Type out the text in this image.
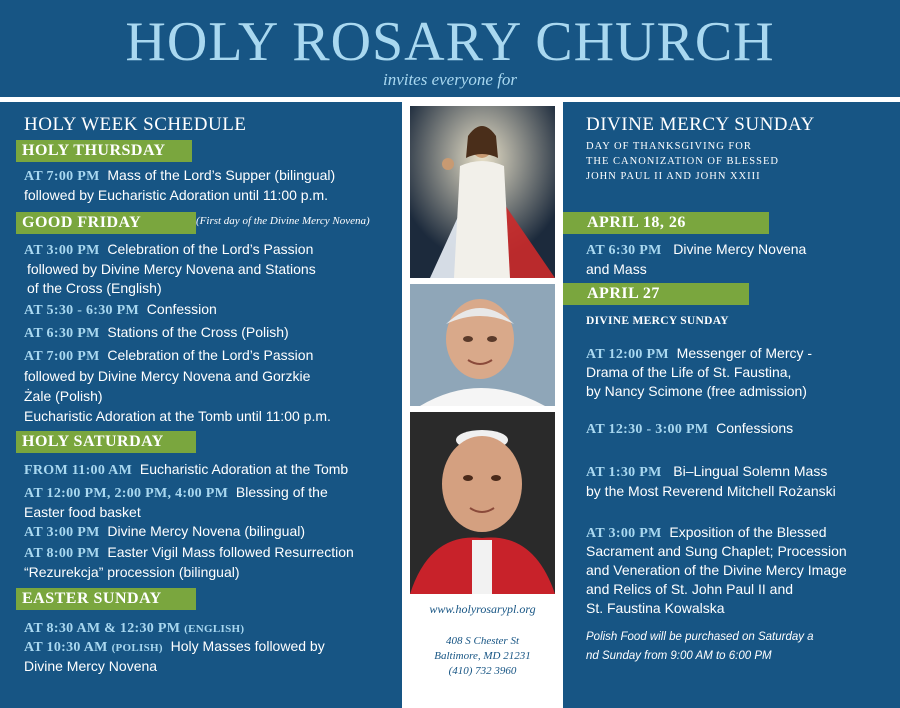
HOLY ROSARY CHURCH
invites everyone for
HOLY WEEK SCHEDULE
HOLY THURSDAY
AT 7:00 PM Mass of the Lord’s Supper (bilingual)
followed by Eucharistic Adoration until 11:00 p.m.
GOOD FRIDAY	(First day of the Divine Mercy Novena)
AT 3:00 PM Celebration of the Lord’s Passion
followed by Divine Mercy Novena and Stations
of the Cross (English)
AT 5:30 - 6:30 PM Confession
AT 6:30 PM Stations of the Cross (Polish)
AT 7:00 PM Celebration of the Lord’s Passion
followed by Divine Mercy Novena and Gorzkie
Żale (Polish)
Eucharistic Adoration at the Tomb until 11:00 p.m.
HOLY SATURDAY
FROM 11:00 AM Eucharistic Adoration at the Tomb
AT 12:00 PM, 2:00 PM, 4:00 PM Blessing of the
Easter food basket
AT 3:00 PM Divine Mercy Novena (bilingual)
AT 8:00 PM Easter Vigil Mass followed Resurrection
“Rezurekcja” procession (bilingual)
EASTER SUNDAY
AT 8:30 AM & 12:30 PM (ENGLISH)
AT 10:30 AM (POLISH) Holy Masses followed by
Divine Mercy Novena
www.holyrosarypl.org
408 S Chester St
Baltimore, MD 21231
(410) 732 3960
DIVINE MERCY SUNDAY
DAY OF THANKSGIVING FOR
THE CANONIZATION OF BLESSED
JOHN PAUL II AND JOHN XXIII
APRIL 18, 26
AT 6:30 PM Divine Mercy Novena
and Mass
APRIL 27
DIVINE MERCY SUNDAY
AT 12:00 PM Messenger of Mercy -
Drama of the Life of St. Faustina,
by Nancy Scimone (free admission)
AT 12:30 - 3:00 PM Confessions
AT 1:30 PM Bi–Lingual Solemn Mass
by the Most Reverend Mitchell Rożanski
AT 3:00 PM Exposition of the Blessed
Sacrament and Sung Chaplet; Procession
and Veneration of the Divine Mercy Image
and Relics of St. John Paul II and
St. Faustina Kowalska
Polish Food will be purchased on Saturday a
nd Sunday from 9:00 AM to 6:00 PM
